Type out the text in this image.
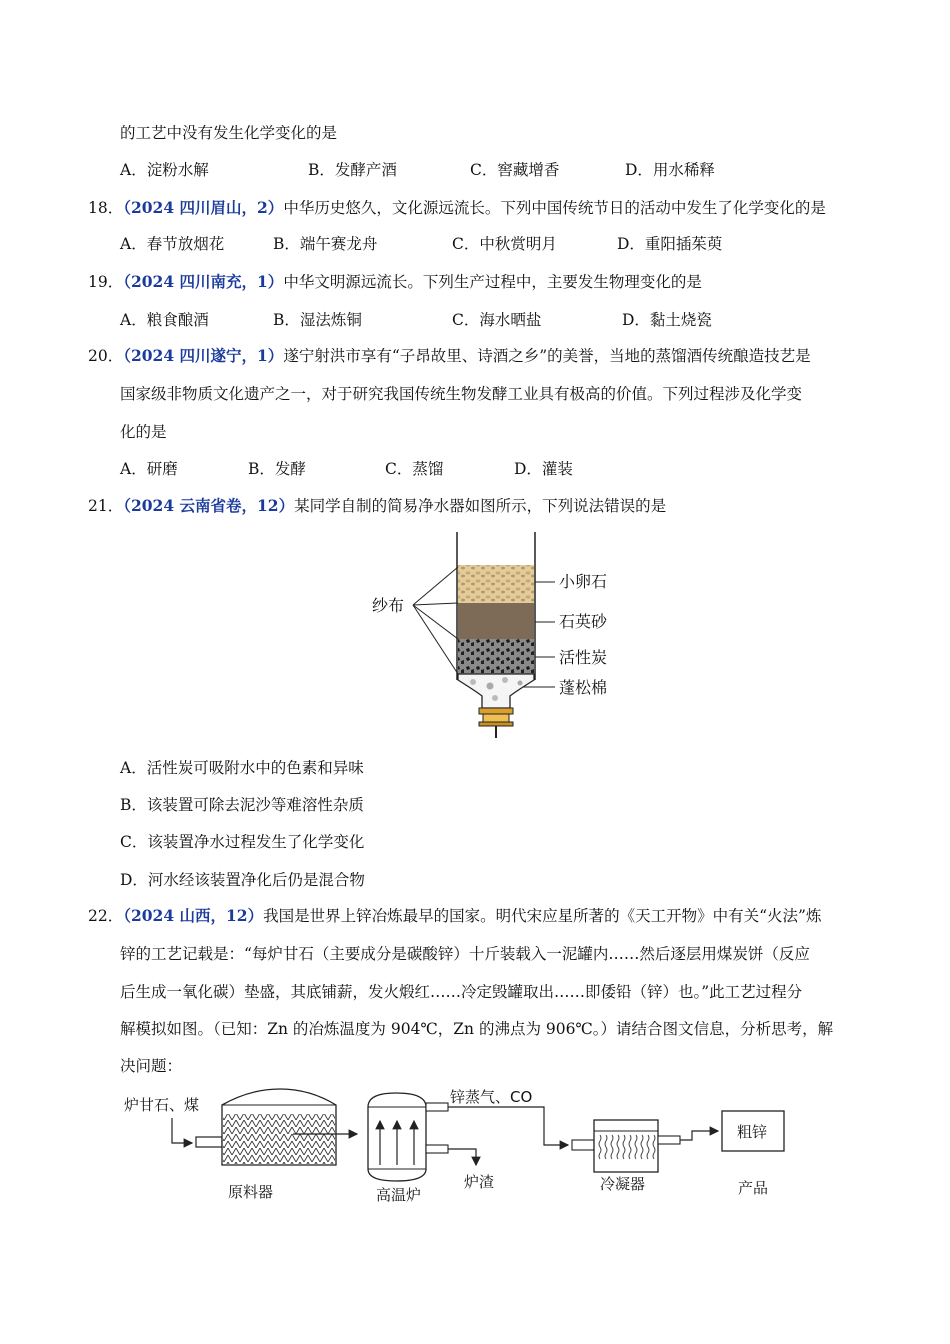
的工艺中没有发生化学变化的是
A．淀粉水解	B．发酵产酒	C．窖藏增香	D．用水稀释
18．（2024 四川眉山，2）中华历史悠久，文化源远流长。下列中国传统节日的活动中发生了化学变化的是
A．春节放烟花	B．端午赛龙舟	C．中秋赏明月	D．重阳插茱萸
19．（2024 四川南充，1）中华文明源远流长。下列生产过程中，主要发生物理变化的是
A．粮食酿酒	B．湿法炼铜	C．海水晒盐	D．黏土烧瓷
20．（2024 四川遂宁，1）遂宁射洪市享有“子昂故里、诗酒之乡”的美誉，当地的蒸馏酒传统酿造技艺是
国家级非物质文化遗产之一，对于研究我国传统生物发酵工业具有极高的价值。下列过程涉及化学变
化的是
A．研磨	B．发酵	C．蒸馏	D．灌装
21．（2024 云南省卷，12）某同学自制的简易净水器如图所示，下列说法错误的是
纱布
小卵石
石英砂
活性炭
蓬松棉
A．活性炭可吸附水中的色素和异味
B．该装置可除去泥沙等难溶性杂质
C．该装置净水过程发生了化学变化
D．河水经该装置净化后仍是混合物
22．（2024 山西，12）我国是世界上锌冶炼最早的国家。明代宋应星所著的《天工开物》中有关“火法”炼
锌的工艺记载是：“每炉甘石（主要成分是碳酸锌）十斤装载入一泥罐内……然后逐层用煤炭饼（反应
后生成一氧化碳）垫盛，其底铺薪，发火煅红……冷定毁罐取出……即倭铅（锌）也。”此工艺过程分
解模拟如图。（已知：Zn 的冶炼温度为 904℃，Zn 的沸点为 906℃。）请结合图文信息，分析思考，解
决问题：
炉甘石、煤
原料器	高温炉
锌蒸气、CO
炉渣	冷凝器
粗锌
产品
